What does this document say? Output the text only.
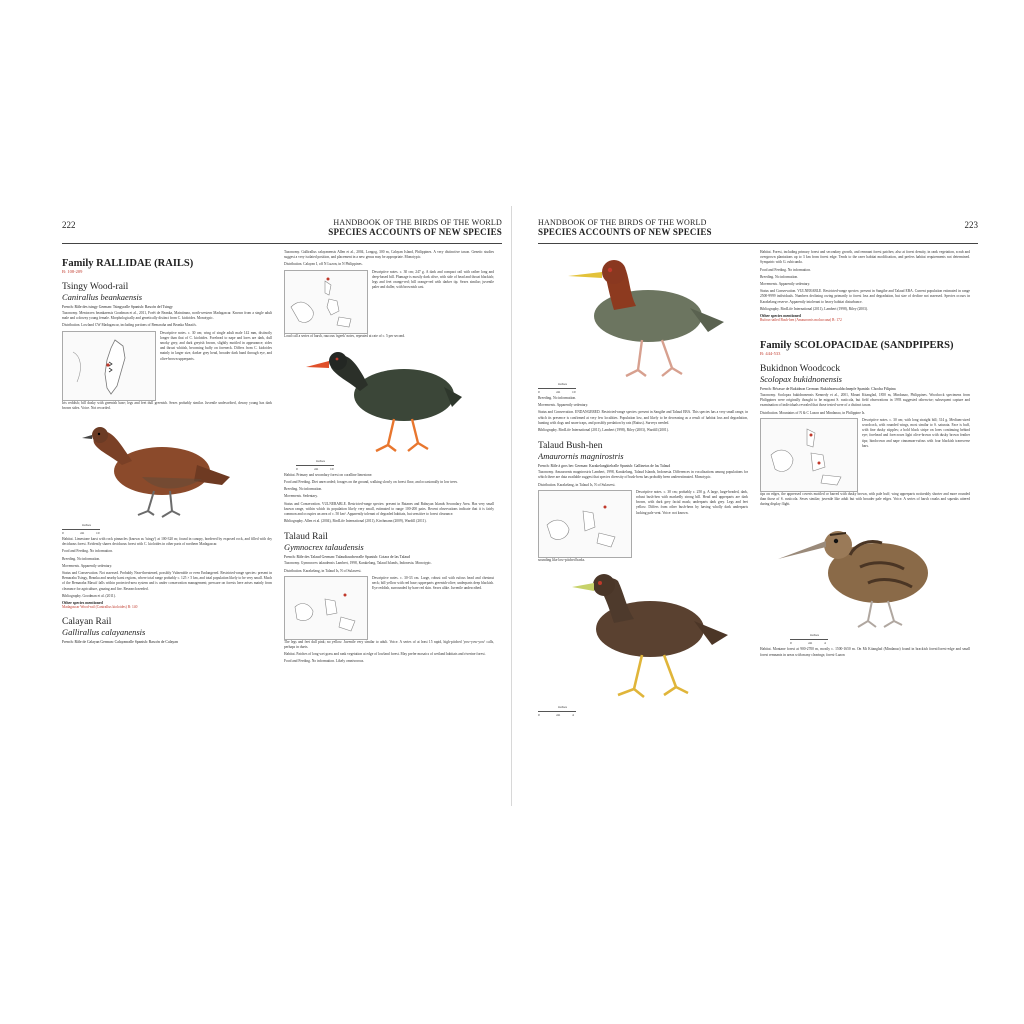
222	HANDBOOK OF THE BIRDS OF THE WORLD
SPECIES ACCOUNTS OF NEW SPECIES
Family RALLIDAE (RAILS)
B: 108-209
Tsingy Wood-rail
Canirallus beankaensis
French: Râle des tsingy German: Tsingyralle Spanish: Rascón del Tsingy

Taxonomy. Mentocrex beankaensis Goodman et al., 2011, Forêt de Beanka, Maintirano, north-western Madagascar. Known from a single adult male and a downy young female. Morphologically and genetically distinct from C. kioloides. Monotypic.

Distribution. Lowland CW Madagascar, including portions of Bemaraha and Beanka Massifs.

Descriptive notes. c. 30 cm; wing of single adult male 142 mm, distinctly longer than that of C. kioloides. Forehead to nape and lores are dark, dull smoky grey, and dark greyish brown, slightly mottled in appearance; sides and throat whitish, becoming buffy on foreneck. Differs from C. kioloides mainly in larger size, darker grey head, broader dark band through eye, and olive-brown upperparts.

Iris reddish; bill dusky with greenish base; legs and feet dull greenish. Sexes probably similar. Juvenile undescribed, downy young has dark brown sides. Voice. Not recorded.

inches
0	cm	10

Habitat. Limestone karst with rock pinnacles (known as 'tsingy') at 100-320 m; found in canopy, bordered by exposed rock, and filled with dry deciduous forest. Evidently shares deciduous forest with C. kioloides in other parts of northern Madagascar.

Food and Feeding. No information.

Breeding. No information.

Movements. Apparently sedentary.

Status and Conservation. Not assessed. Probably Near-threatened, possibly Vulnerable or even Endangered. Restricted-range species: present in Bemaraha Tsingy, Beanka and nearby karst regions, where total range probably c. 125 × 5 km, and total population likely to be very small. Much of the Bemaraha Massif falls within protected-area system and is under conservation management; pressure on forests here arises mainly from clearance for agriculture, grazing and fire. Research needed.

Bibliography. Goodman et al. (2011).

Other species mentioned
Madagascar Wood-rail (Canirallus kioloides) B: 140
Calayan Rail
Gallirallus calayanensis
French: Râle de Calayan German: Calayanralle Spanish: Rascón de Calayan

Taxonomy. Gallirallus calayanensis Allen et al., 2004, Longog, 300 m, Calayan Island, Philippines. A very distinctive taxon. Genetic studies suggest a very isolated position, and placement in a new genus may be appropriate. Monotypic.

Distribution. Calayan I, off N Luzon, in N Philippines.

Descriptive notes. c. 30 cm; 247 g. A dark and compact rail with rather long and deep-based bill. Plumage is mostly dark olive, with side of head and throat blackish; legs and feet orange-red; bill orange-red with darker tip. Sexes similar; juvenile paler and duller, with brownish cast.

Loud call a series of harsh, raucous 'ngeek' notes, repeated at rate of c. 5 per second.

inches
0	cm	10

Habitat. Primary and secondary forest on coralline limestone.

Food and Feeding. Diet unrecorded; forages on the ground, walking slowly on forest floor, and occasionally in low trees.

Breeding. No information.

Movements. Sedentary.

Status and Conservation. VULNERABLE. Restricted-range species: present in Batanes and Babuyan Islands Secondary Area. Has very small known range, within which its population likely very small, estimated to range 100-200 pairs. Recent observations indicate that it is fairly common and occupies an area of c. 50 km². Apparently tolerant of degraded habitats, but sensitive to forest clearance.

Bibliography. Allen et al. (2004), BirdLife International (2011), Kirchmann (2009), Wardill (2011).

Talaud Rail
Gymnocrex talaudensis
French: Râle des Talaud German: Talaudtaucherralle Spanish: Cotara de las Talaud

Taxonomy. Gymnocrex talaudensis Lambert, 1998, Karakelang, Talaud Islands, Indonesia. Monotypic.

Distribution. Karakelang, in Talaud Is, N of Sulawesi.

Descriptive notes. c. 30-33 cm. Large, robust rail with rufous head and chestnut neck; bill yellow with red base; upperparts greenish-olive; underparts deep blackish. Eye reddish, surrounded by bare red skin. Sexes alike. Juvenile undescribed.

The legs and feet dull pink; no yellow. Juvenile very similar to adult. Voice. A series of at least 15 rapid, high-pitched 'yow-yow-yow' calls, perhaps in duets.

Habitat. Patches of long wet grass and rank vegetation at edge of lowland forest. May prefer mosaics of wetland habitats and riverine forest.

Food and Feeding. No information. Likely omnivorous.

223
HANDBOOK OF THE BIRDS OF THE WORLD
SPECIES ACCOUNTS OF NEW SPECIES
inches
0	cm	10

Breeding. No information.

Movements. Apparently sedentary.

Status and Conservation. ENDANGERED. Restricted-range species: present in Sangihe and Talaud EBA. This species has a very small range, in which its presence is confirmed at very few localities. Population low, and likely to be decreasing as a result of habitat loss and degradation, hunting with dogs and snare traps, and possibly predation by rats (Rattus). Surveys needed.

Bibliography. BirdLife International (2011), Lambert (1998), Riley (2003), Wardill (2001).

Talaud Bush-hen
Amaurornis magnirostris
French: Râle à gros bec German: Karakelangkielralle Spanish: Gallinetas de las Talaud

Taxonomy. Amaurornis magnirostris Lambert, 1998, Karakelang, Talaud Islands, Indonesia. Differences in vocalizations among populations for which there are data available suggest that species diversity of bush-hens has probably been underestimated. Monotypic.

Distribution. Karakelang, in Talaud Is, N of Sulawesi.

Descriptive notes. c. 30 cm; probably c. 250 g. A large, large-headed, dark, robust bush-hen with markedly strong bill. Head and upperparts are dark brown, with dark grey facial mask; underparts dark grey. Legs and feet yellow. Differs from other bush-hens by having wholly dark underparts lacking pale vent. Voice: not known.

sounding like low-pitched barks.

inches
0	cm	4

Habitat. Forest, including primary forest and secondary growth, and remnant forest patches; also at forest density, in rank vegetation, scrub and overgrown plantations up to 3 km from forest edge. Tends to the rarer habitat modification, and prefers habitat requirements not determined. Sympatric with G. rubicunda.

Food and Feeding. No information.

Breeding. No information.

Movements. Apparently sedentary.

Status and Conservation. VULNERABLE. Restricted-range species: present in Sangihe and Talaud EBA. Current population estimated in range 2500-9999 individuals. Numbers declining owing primarily to forest loss and degradation, but size of decline not assessed. Species occurs in Karakelang reserve. Apparently intolerant to heavy habitat disturbance.

Bibliography. BirdLife International (2011), Lambert (1998), Riley (2003).

Other species mentioned
Rufous-tailed Bush-hen (Amaurornis moluccana) B: 172
Family SCOLOPACIDAE (SANDPIPERS)
B: 444-533
Bukidnon Woodcock
Scolopax bukidnonensis
French: Bécasse de Bukidnon German: Bukidnonwaldschnepfe Spanish: Chocha Filipina

Taxonomy. Scolopax bukidnonensis Kennedy et al., 2001, Mount Kitanglad, 1850 m, Mindanao, Philippines. Woodcock specimens from Philippines were originally thought to be migrant S. rusticola, but field observations in 1993 suggested otherwise; subsequent capture and examination of individuals revealed that those tested were of a distinct taxon.

Distribution. Mountains of N & C Luzon and Mindanao, in Philippine Is.

Descriptive notes. c. 30 cm; with long straight bill; 314 g. Medium-sized woodcock, with rounded wings, most similar to S. saturata. Face is buff, with fine dusky stipples; a bold black stripe on lores continuing behind eye; forehead and forecrown light olive-brown with dusky brown feather tips; hindcrown and nape cinnamon-rufous with four blackish transverse bars.

tips on edges, the appressed coverts mottled or barred with dusky brown, with pale buff; wing upperparts noticeably shorter and more rounded than those of S. rusticola. Sexes similar; juvenile like adult but with broader pale edges. Voice. A series of harsh croaks and squeaks uttered during display flight.

inches
0	cm	4

Habitat. Montane forest at 900-2700 m, mostly c. 1500-1650 m. On Mt Kitanglad (Mindanao) found in brackish forest/forest-edge and small forest remnants in areas with many clearings; forest-Luzon
